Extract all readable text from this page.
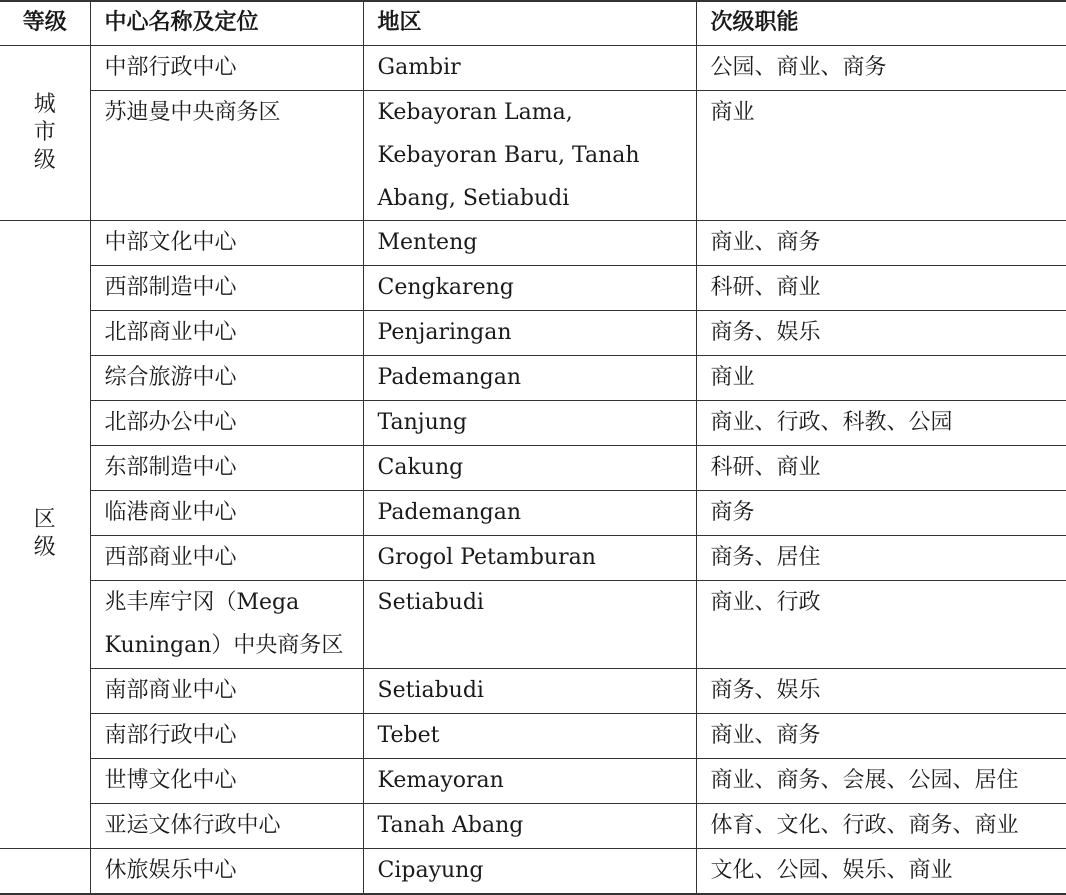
等级	中心名称及定位	地区	次级职能

城市级	中部行政中心	Gambir	公园、商业、商务
	苏迪曼中央商务区	Kebayoran Lama, Kebayoran Baru, Tanah Abang, Setiabudi	商业

区级	中部文化中心	Menteng	商业、商务
	西部制造中心	Cengkareng	科研、商业
	北部商业中心	Penjaringan	商务、娱乐
	综合旅游中心	Pademangan	商业
	北部办公中心	Tanjung	商业、行政、科教、公园
	东部制造中心	Cakung	科研、商业
	临港商业中心	Pademangan	商务
	西部商业中心	Grogol Petamburan	商务、居住
	兆丰库宁冈（Mega Kuningan）中央商务区	Setiabudi	商业、行政
	南部商业中心	Setiabudi	商务、娱乐
	南部行政中心	Tebet	商业、商务
	世博文化中心	Kemayoran	商业、商务、会展、公园、居住
	亚运文体行政中心	Tanah Abang	体育、文化、行政、商务、商业

	休旅娱乐中心	Cipayung	文化、公园、娱乐、商业
